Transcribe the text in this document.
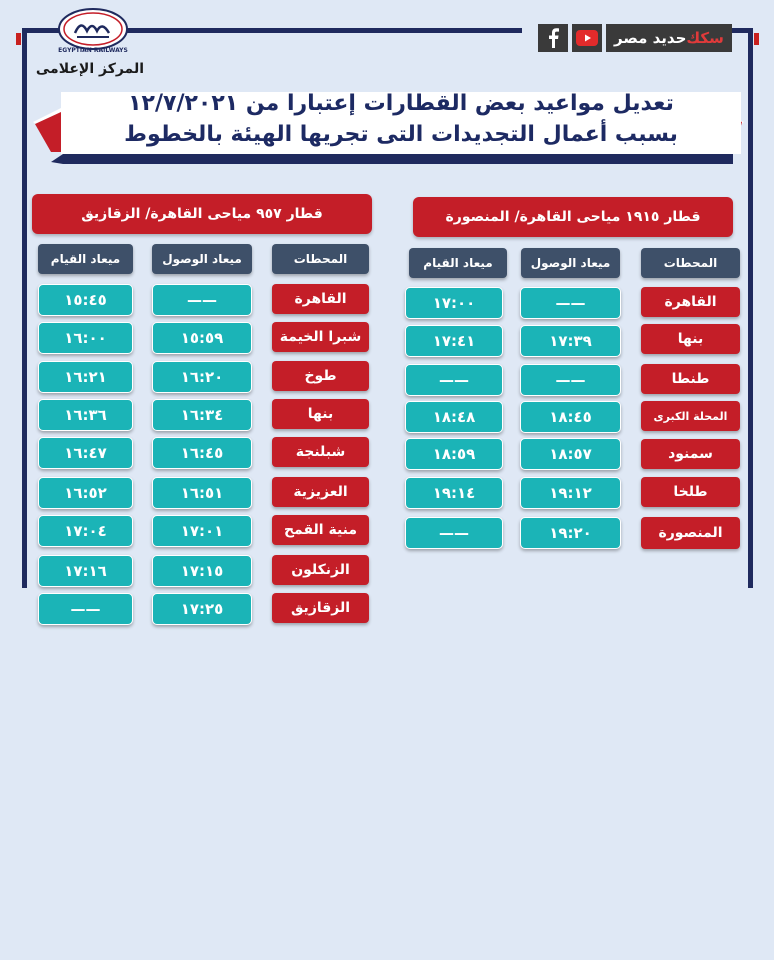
EGYPTIAN RAILWAYS
المركز الإعلامى
سكك
حديد مصر
تعديل مواعيد بعض القطارات إعتبارا من ١٢/٧/٢٠٢١
بسبب أعمال التجديدات التى تجريها الهيئة بالخطوط
قطار ١٩١٥ مياحى القاهرة/ المنصورة
المحطات
ميعاد الوصول
ميعاد القيام
القاهرة
——
١٧:٠٠
بنها
١٧:٣٩
١٧:٤١
طنطا
——
——
المحلة الكبرى
١٨:٤٥
١٨:٤٨
سمنود
١٨:٥٧
١٨:٥٩
طلخا
١٩:١٢
١٩:١٤
المنصورة
١٩:٢٠
——
قطار ٩٥٧ مياحى القاهرة/ الزقازيق
المحطات
ميعاد الوصول
ميعاد القيام
القاهرة
——
١٥:٤٥
شبرا الخيمة
١٥:٥٩
١٦:٠٠
طوخ
١٦:٢٠
١٦:٢١
بنها
١٦:٣٤
١٦:٣٦
شبلنجة
١٦:٤٥
١٦:٤٧
العزيزية
١٦:٥١
١٦:٥٢
منية القمح
١٧:٠١
١٧:٠٤
الزنكلون
١٧:١٥
١٧:١٦
الزقازيق
١٧:٢٥
——
